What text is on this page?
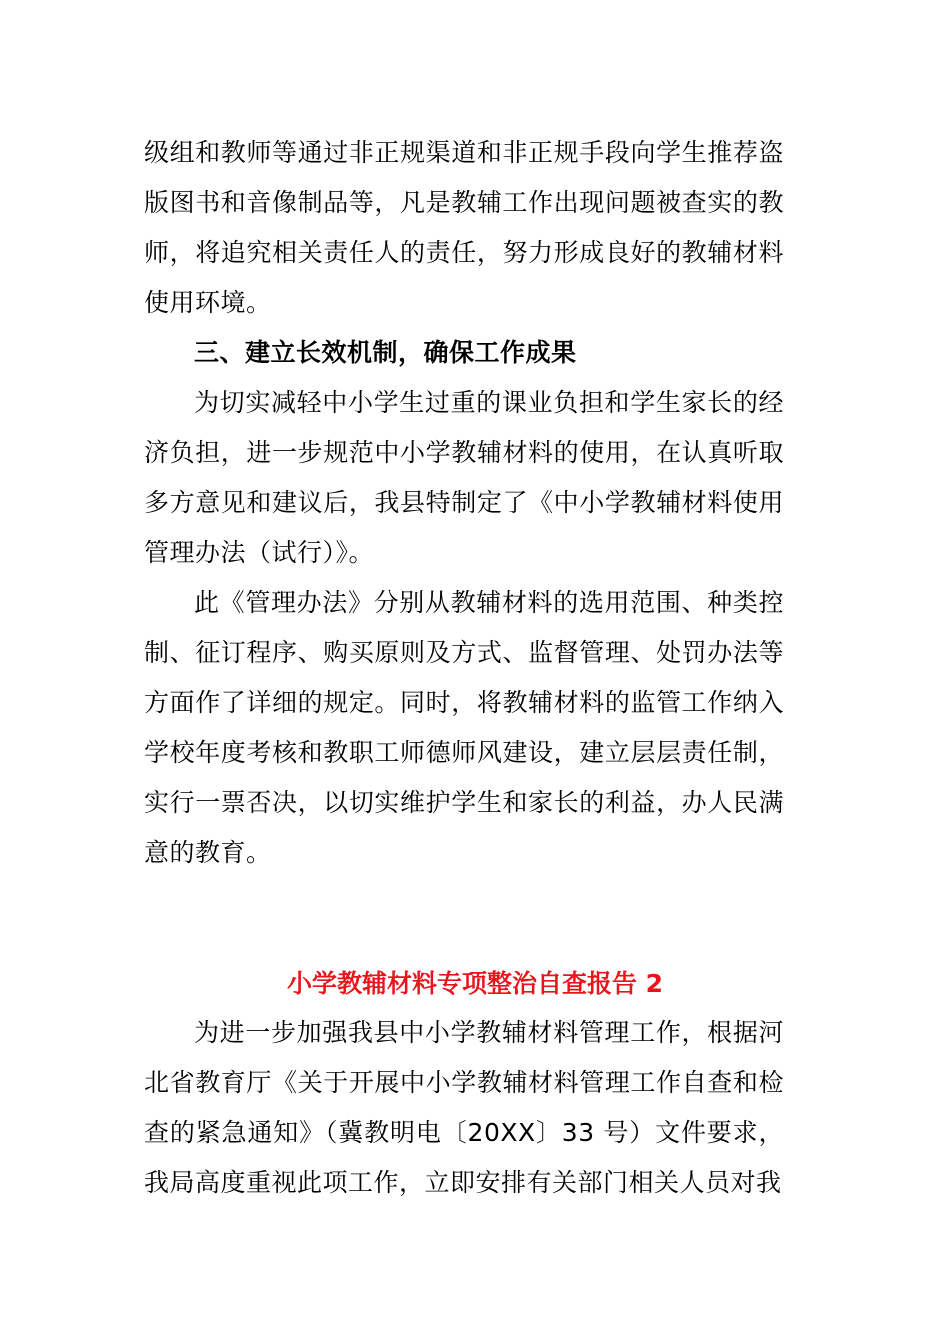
级组和教师等通过非正规渠道和非正规手段向学生推荐盗版图书和音像制品等，凡是教辅工作出现问题被查实的教师，将追究相关责任人的责任，努力形成良好的教辅材料使用环境。

三、建立长效机制，确保工作成果

为切实减轻中小学生过重的课业负担和学生家长的经济负担，进一步规范中小学教辅材料的使用，在认真听取多方意见和建议后，我县特制定了《中小学教辅材料使用管理办法（试行）》。

此《管理办法》分别从教辅材料的选用范围、种类控制、征订程序、购买原则及方式、监督管理、处罚办法等方面作了详细的规定。同时，将教辅材料的监管工作纳入学校年度考核和教职工师德师风建设，建立层层责任制，实行一票否决，以切实维护学生和家长的利益，办人民满意的教育。

小学教辅材料专项整治自查报告 2

为进一步加强我县中小学教辅材料管理工作，根据河北省教育厅《关于开展中小学教辅材料管理工作自查和检查的紧急通知》（冀教明电〔20XX〕33 号）文件要求，我局高度重视此项工作，立即安排有关部门相关人员对我
